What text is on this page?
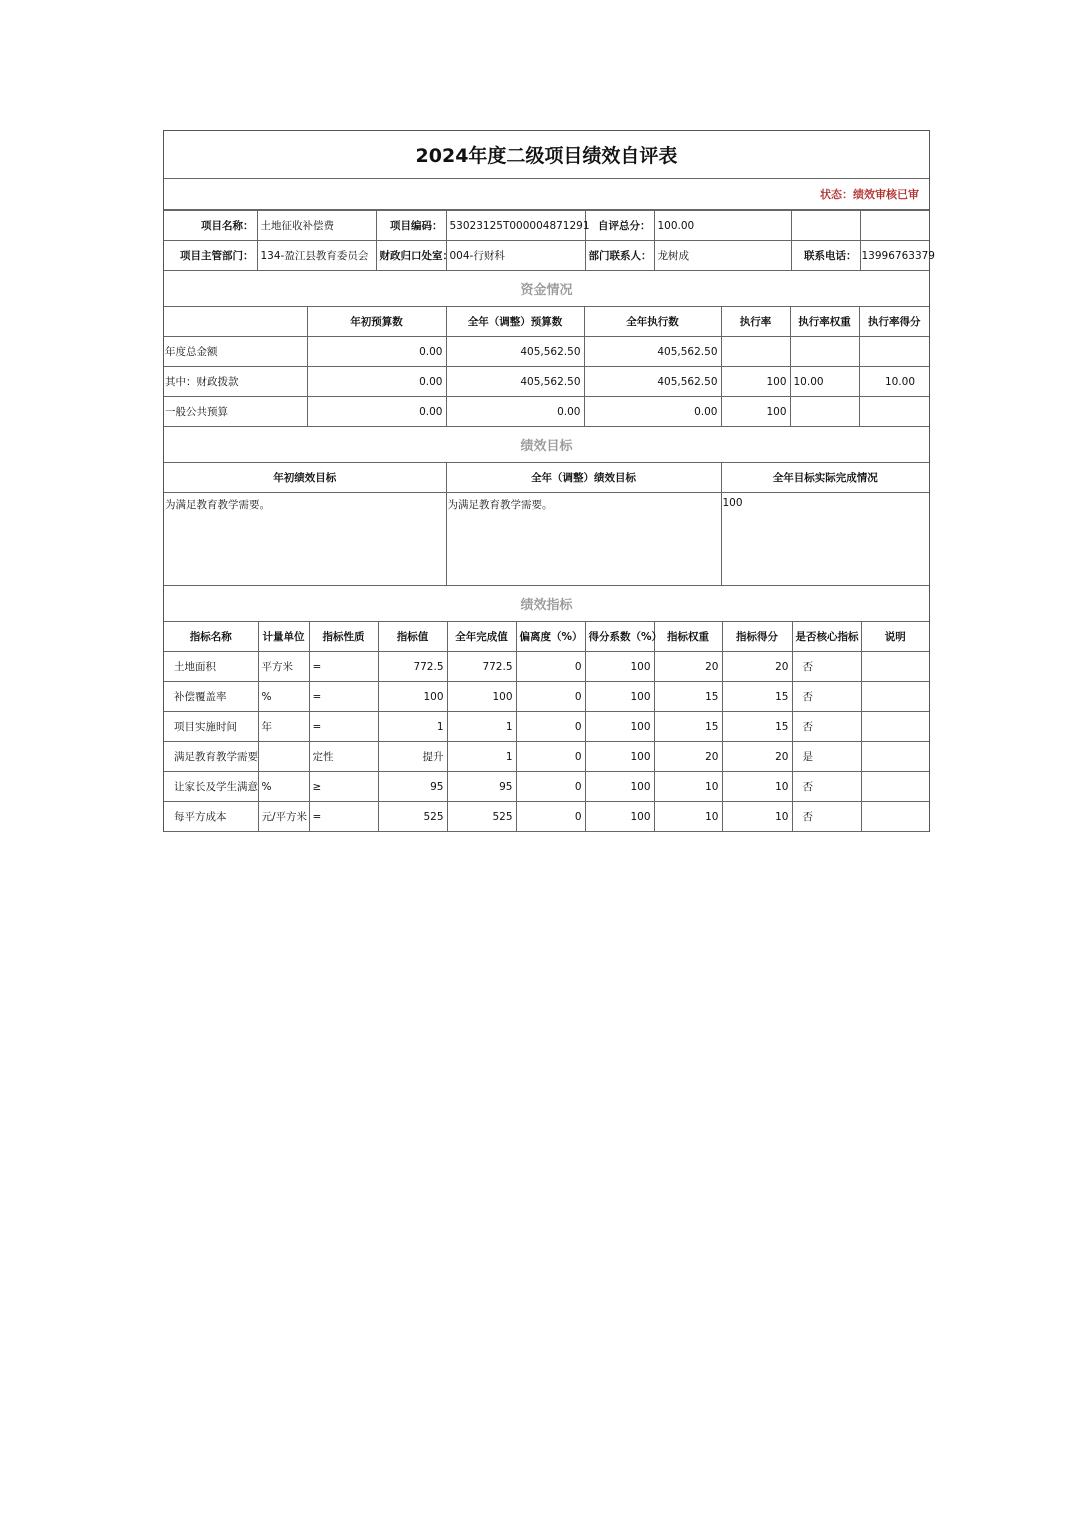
2024年度二级项目绩效自评表
状态：绩效审核已审
项目名称：	土地征收补偿费	项目编码：	53023125T000004871291	自评总分：	100.00		
项目主管部门：	134-盈江县教育委员会	财政归口处室：	004-行财科	部门联系人：	龙树成	联系电话：	13996763379
资金情况
	年初预算数	全年（调整）预算数	全年执行数	执行率	执行率权重	执行率得分
年度总金额	0.00	405,562.50	405,562.50			
其中：财政拨款	0.00	405,562.50	405,562.50	100	10.00	10.00
一般公共预算	0.00	0.00	0.00	100		
绩效目标
年初绩效目标	全年（调整）绩效目标	全年目标实际完成情况
为满足教育教学需要。	为满足教育教学需要。	100
绩效指标
指标名称	计量单位	指标性质	指标值	全年完成值	偏离度（%）	得分系数（%）	指标权重	指标得分	是否核心指标	说明
土地面积	平方米	=	772.5	772.5	0	100	20	20	否	
补偿覆盖率	%	=	100	100	0	100	15	15	否	
项目实施时间	年	=	1	1	0	100	15	15	否	
满足教育教学需要		定性	提升	1	0	100	20	20	是	
让家长及学生满意	%	≥	95	95	0	100	10	10	否	
每平方成本	元/平方米	=	525	525	0	100	10	10	否	
